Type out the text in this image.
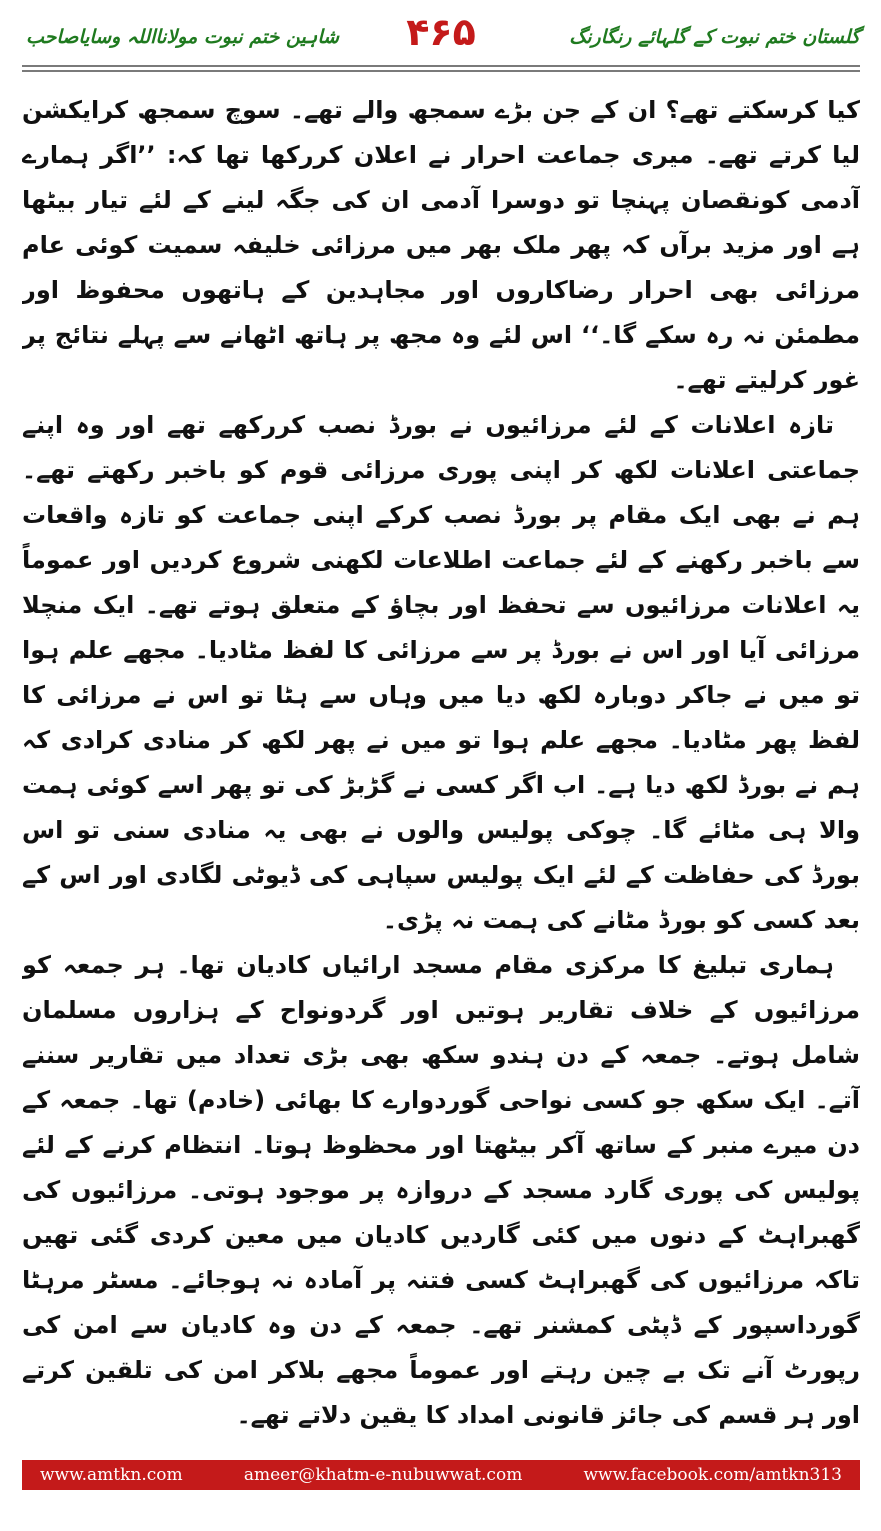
گلستان ختم نبوت کے گلہائے رنگارنگ
۴۶۵
شاہین ختم نبوت مولانااللہ وسایاصاحب

کیا کرسکتے تھے؟ ان کے جن بڑے سمجھ والے تھے۔ سوچ سمجھ کرایکشن لیا کرتے تھے۔ میری جماعت احرار نے اعلان کررکھا تھا کہ: ’’اگر ہمارے آدمی کونقصان پہنچا تو دوسرا آدمی ان کی جگہ لینے کے لئے تیار بیٹھا ہے اور مزید برآں کہ پھر ملک بھر میں مرزائی خلیفہ سمیت کوئی عام مرزائی بھی احرار رضاکاروں اور مجاہدین کے ہاتھوں محفوظ اور مطمئن نہ رہ سکے گا۔‘‘ اس لئے وہ مجھ پر ہاتھ اٹھانے سے پہلے نتائج پر غور کرلیتے تھے۔

تازہ اعلانات کے لئے مرزائیوں نے بورڈ نصب کررکھے تھے اور وہ اپنے جماعتی اعلانات لکھ کر اپنی پوری مرزائی قوم کو باخبر رکھتے تھے۔ ہم نے بھی ایک مقام پر بورڈ نصب کرکے اپنی جماعت کو تازہ واقعات سے باخبر رکھنے کے لئے جماعت اطلاعات لکھنی شروع کردیں اور عموماً یہ اعلانات مرزائیوں سے تحفظ اور بچاؤ کے متعلق ہوتے تھے۔ ایک منچلا مرزائی آیا اور اس نے بورڈ پر سے مرزائی کا لفظ مٹادیا۔ مجھے علم ہوا تو میں نے جاکر دوبارہ لکھ دیا میں وہاں سے ہٹا تو اس نے مرزائی کا لفظ پھر مٹادیا۔ مجھے علم ہوا تو میں نے پھر لکھ کر منادی کرادی کہ ہم نے بورڈ لکھ دیا ہے۔ اب اگر کسی نے گڑبڑ کی تو پھر اسے کوئی ہمت والا ہی مٹائے گا۔ چوکی پولیس والوں نے بھی یہ منادی سنی تو اس بورڈ کی حفاظت کے لئے ایک پولیس سپاہی کی ڈیوٹی لگادی اور اس کے بعد کسی کو بورڈ مٹانے کی ہمت نہ پڑی۔

ہماری تبلیغ کا مرکزی مقام مسجد ارائیاں کادیان تھا۔ ہر جمعہ کو مرزائیوں کے خلاف تقاریر ہوتیں اور گردونواح کے ہزاروں مسلمان شامل ہوتے۔ جمعہ کے دن ہندو سکھ بھی بڑی تعداد میں تقاریر سننے آتے۔ ایک سکھ جو کسی نواحی گوردوارے کا بھائی (خادم) تھا۔ جمعہ کے دن میرے منبر کے ساتھ آکر بیٹھتا اور محظوظ ہوتا۔ انتظام کرنے کے لئے پولیس کی پوری گارد مسجد کے دروازہ پر موجود ہوتی۔ مرزائیوں کی گھبراہٹ کے دنوں میں کئی گاردیں کادیان میں معین کردی گئی تھیں تاکہ مرزائیوں کی گھبراہٹ کسی فتنہ پر آمادہ نہ ہوجائے۔ مسٹر مرہٹا گورداسپور کے ڈپٹی کمشنر تھے۔ جمعہ کے دن وہ کادیان سے امن کی رپورٹ آنے تک بے چین رہتے اور عموماً مجھے بلاکر امن کی تلقین کرتے اور ہر قسم کی جائز قانونی امداد کا یقین دلاتے تھے۔

www.amtkn.com	ameer@khatm-e-nubuwwat.com	www.facebook.com/amtkn313
